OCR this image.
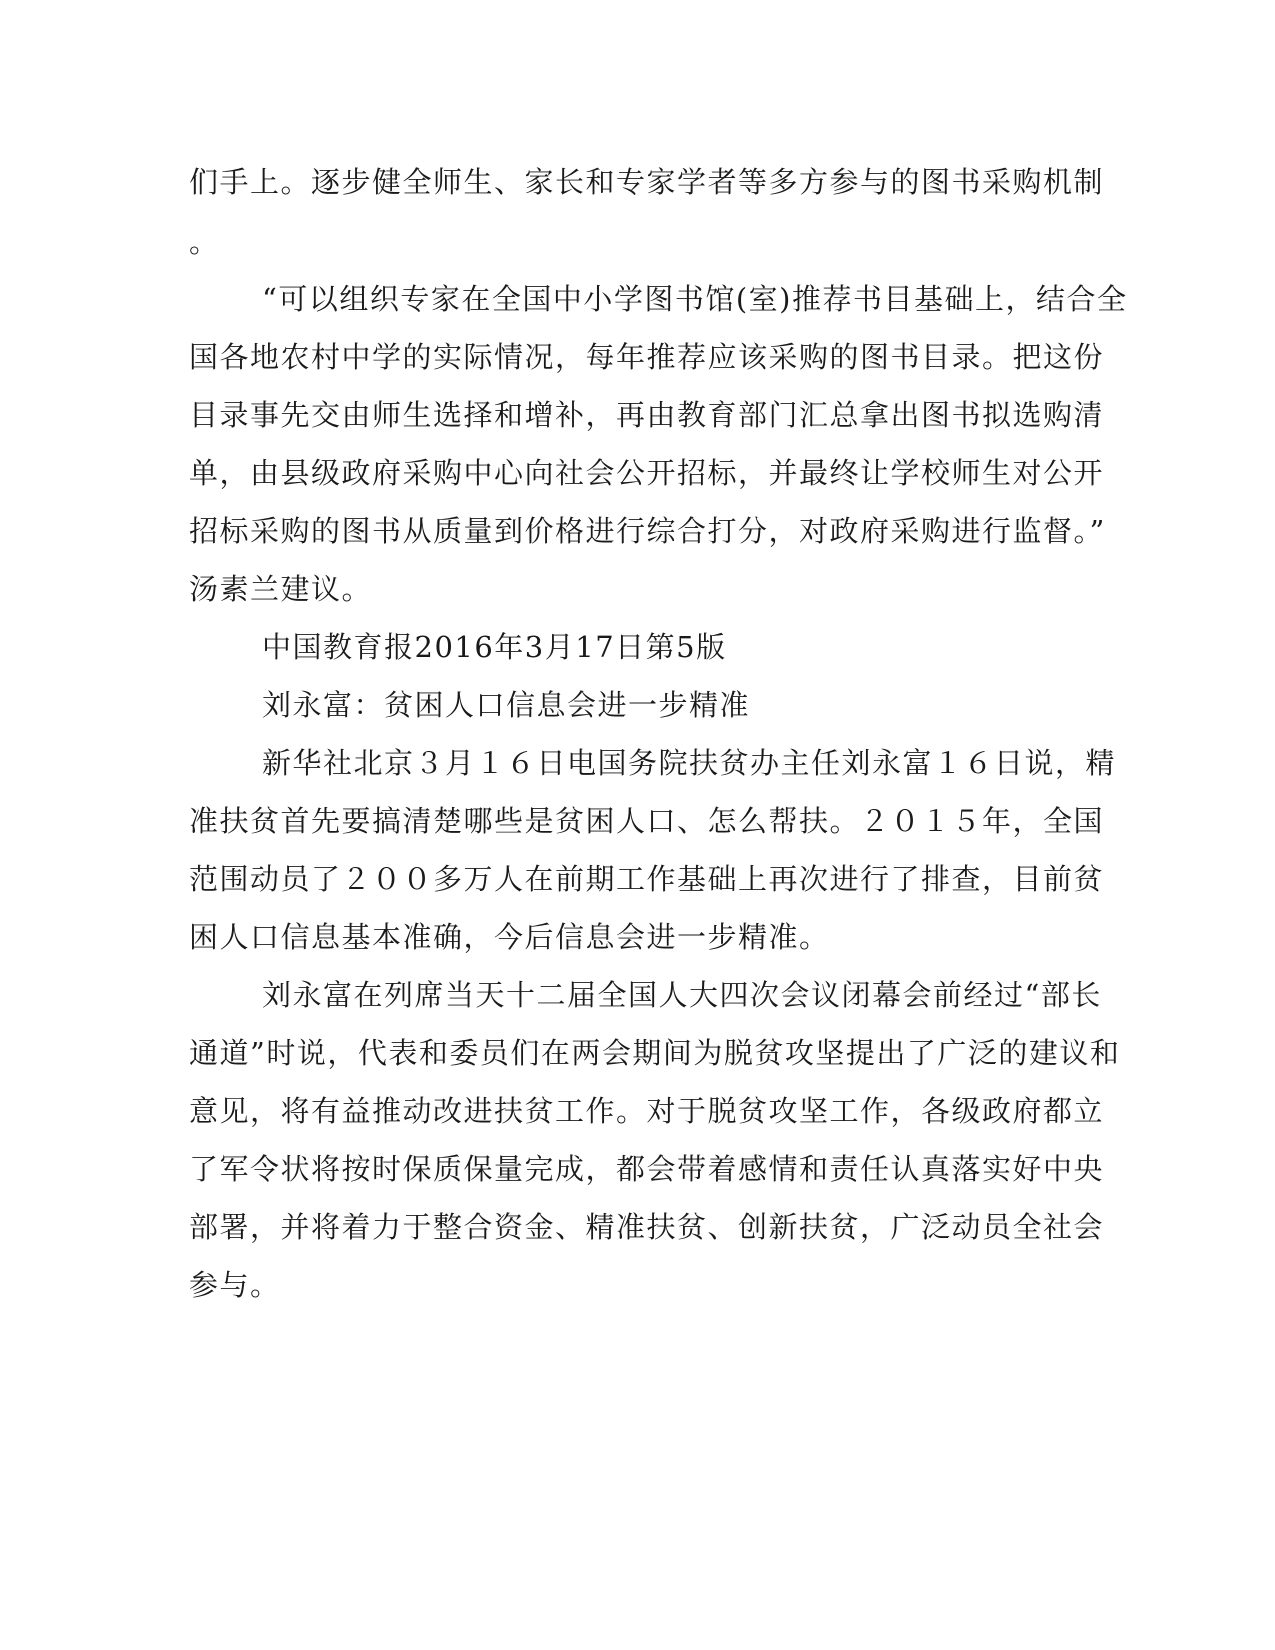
们手上。逐步健全师生、家长和专家学者等多方参与的图书采购机制
。
“可以组织专家在全国中小学图书馆(室)推荐书目基础上，结合全
国各地农村中学的实际情况，每年推荐应该采购的图书目录。把这份
目录事先交由师生选择和增补，再由教育部门汇总拿出图书拟选购清
单，由县级政府采购中心向社会公开招标，并最终让学校师生对公开
招标采购的图书从质量到价格进行综合打分，对政府采购进行监督。”
汤素兰建议。
中国教育报2016年3月17日第5版
刘永富：贫困人口信息会进一步精准
新华社北京３月１６日电国务院扶贫办主任刘永富１６日说，精
准扶贫首先要搞清楚哪些是贫困人口、怎么帮扶。２０１５年，全国
范围动员了２００多万人在前期工作基础上再次进行了排查，目前贫
困人口信息基本准确，今后信息会进一步精准。
刘永富在列席当天十二届全国人大四次会议闭幕会前经过“部长
通道”时说，代表和委员们在两会期间为脱贫攻坚提出了广泛的建议和
意见，将有益推动改进扶贫工作。对于脱贫攻坚工作，各级政府都立
了军令状将按时保质保量完成，都会带着感情和责任认真落实好中央
部署，并将着力于整合资金、精准扶贫、创新扶贫，广泛动员全社会
参与。
